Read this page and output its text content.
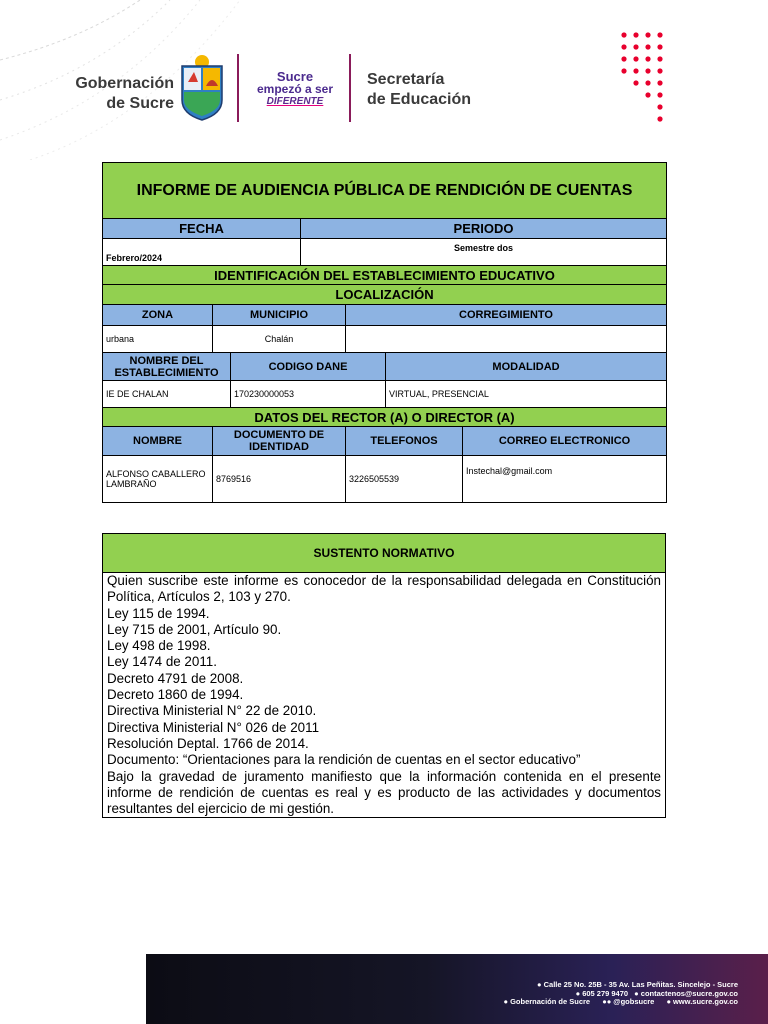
Gobernación
de Sucre
Sucre
empezó a ser
DIFERENTE
Secretaría
de Educación
INFORME DE AUDIENCIA PÚBLICA DE RENDICIÓN DE CUENTAS						
FECHA			PERIODO			
Febrero/2024			Semestre dos			
IDENTIFICACIÓN DEL ESTABLECIMIENTO EDUCATIVO						
LOCALIZACIÓN						
ZONA	MUNICIPIO			CORREGIMIENTO		
urbana	Chalán					
NOMBRE DEL ESTABLECIMIENTO		CODIGO DANE			MODALIDAD	
IE DE CHALAN		170230000053			VIRTUAL, PRESENCIAL	
DATOS DEL RECTOR (A) O DIRECTOR (A)						
NOMBRE	DOCUMENTO DE IDENTIDAD			TELEFONOS		CORREO ELECTRONICO
ALFONSO CABALLERO LAMBRAÑO	8769516			3226505539		Instechal@gmail.com
SUSTENTO NORMATIVO

Quien suscribe este informe es conocedor de la responsabilidad delegada en Constitución Política, Artículos 2, 103 y 270.

Ley 115 de 1994.

Ley 715 de 2001, Artículo 90.

Ley 498 de 1998.

Ley 1474 de 2011.

Decreto 4791 de 2008.

Decreto 1860 de 1994.

Directiva Ministerial N° 22 de 2010.

Directiva Ministerial N° 026 de 2011

Resolución Deptal. 1766 de 2014.

Documento: “Orientaciones para la rendición de cuentas en el sector educativo”

Bajo la gravedad de juramento manifiesto que la información contenida en el presente informe de rendición de cuentas es real y es producto de las actividades y documentos resultantes del ejercicio de mi gestión.

● Calle 25 No. 25B - 35 Av. Las Peñitas. Sincelejo - Sucre
● 605 279 9470 ● contactenos@sucre.gov.co
● Gobernación de Sucre ●● @gobsucre ● www.sucre.gov.co
